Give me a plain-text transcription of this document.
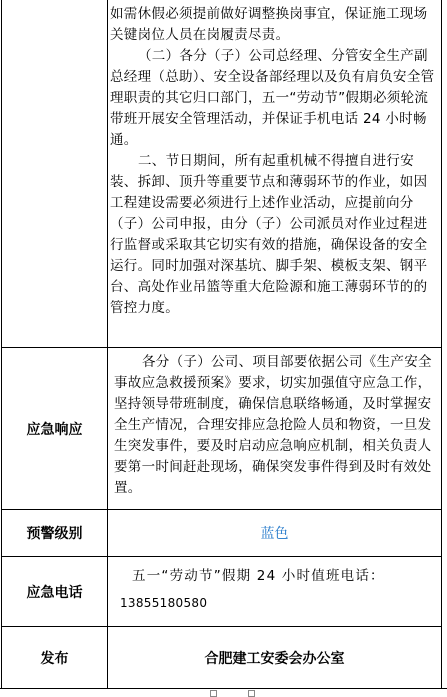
如需休假必须提前做好调整换岗事宜，保证施工现场关键岗位人员在岗履责尽责。

（二）各分（子）公司总经理、分管安全生产副总经理（总助）、安全设备部经理以及负有肩负安全管理职责的其它归口部门，五一“劳动节”假期必须轮流带班开展安全管理活动，并保证手机电话 24 小时畅通。

二、节日期间，所有起重机械不得擅自进行安装、拆卸、顶升等重要节点和薄弱环节的作业，如因工程建设需要必须进行上述作业活动，应提前向分（子）公司申报，由分（子）公司派员对作业过程进行监督或采取其它切实有效的措施，确保设备的安全运行。同时加强对深基坑、脚手架、模板支架、钢平台、高处作业吊篮等重大危险源和施工薄弱环节的的管控力度。

应急响应

各分（子）公司、项目部要依据公司《生产安全事故应急救援预案》要求，切实加强值守应急工作，坚持领导带班制度，确保信息联络畅通，及时掌握安全生产情况，合理安排应急抢险人员和物资，一旦发生突发事件，要及时启动应急响应机制，相关负责人要第一时间赶赴现场，确保突发事件得到及时有效处置。

预警级别	蓝色
应急电话

五一“劳动节”假期 24 小时值班电话：

13855180580

发布	合肥建工安委会办公室
